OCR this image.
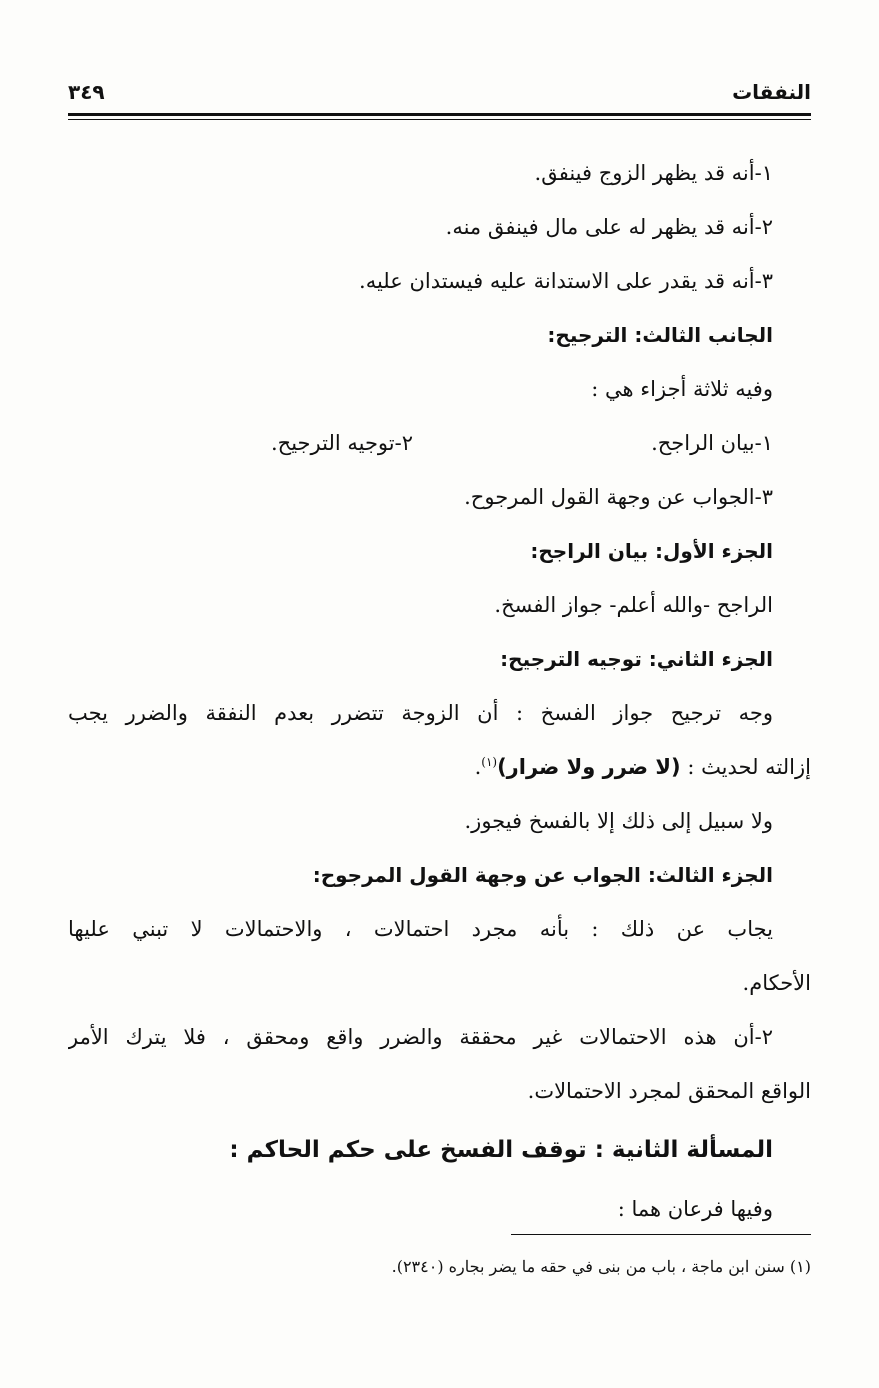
النفقات
٣٤٩
١-أنه قد يظهر الزوج فينفق.
٢-أنه قد يظهر له على مال فينفق منه.
٣-أنه قد يقدر على الاستدانة عليه فيستدان عليه.
الجانب الثالث: الترجيح:
وفيه ثلاثة أجزاء هي :
١-بيان الراجح.
٢-توجيه الترجيح.
٣-الجواب عن وجهة القول المرجوح.
الجزء الأول: بيان الراجح:
الراجح -والله أعلم- جواز الفسخ.
الجزء الثاني: توجيه الترجيح:
وجه ترجيح جواز الفسخ : أن الزوجة تتضرر بعدم النفقة والضرر يجب
إزالته لحديث : (لا ضرر ولا ضرار)$^{(١)}$.
ولا سبيل إلى ذلك إلا بالفسخ فيجوز.
الجزء الثالث: الجواب عن وجهة القول المرجوح:
يجاب عن ذلك : بأنه مجرد احتمالات ، والاحتمالات لا تبني عليها
الأحكام.
٢-أن هذه الاحتمالات غير محققة والضرر واقع ومحقق ، فلا يترك الأمر
الواقع المحقق لمجرد الاحتمالات.
المسألة الثانية : توقف الفسخ على حكم الحاكم :
وفيها فرعان هما :
(١) سنن ابن ماجة ، باب من بنى في حقه ما يضر بجاره (٢٣٤٠).
